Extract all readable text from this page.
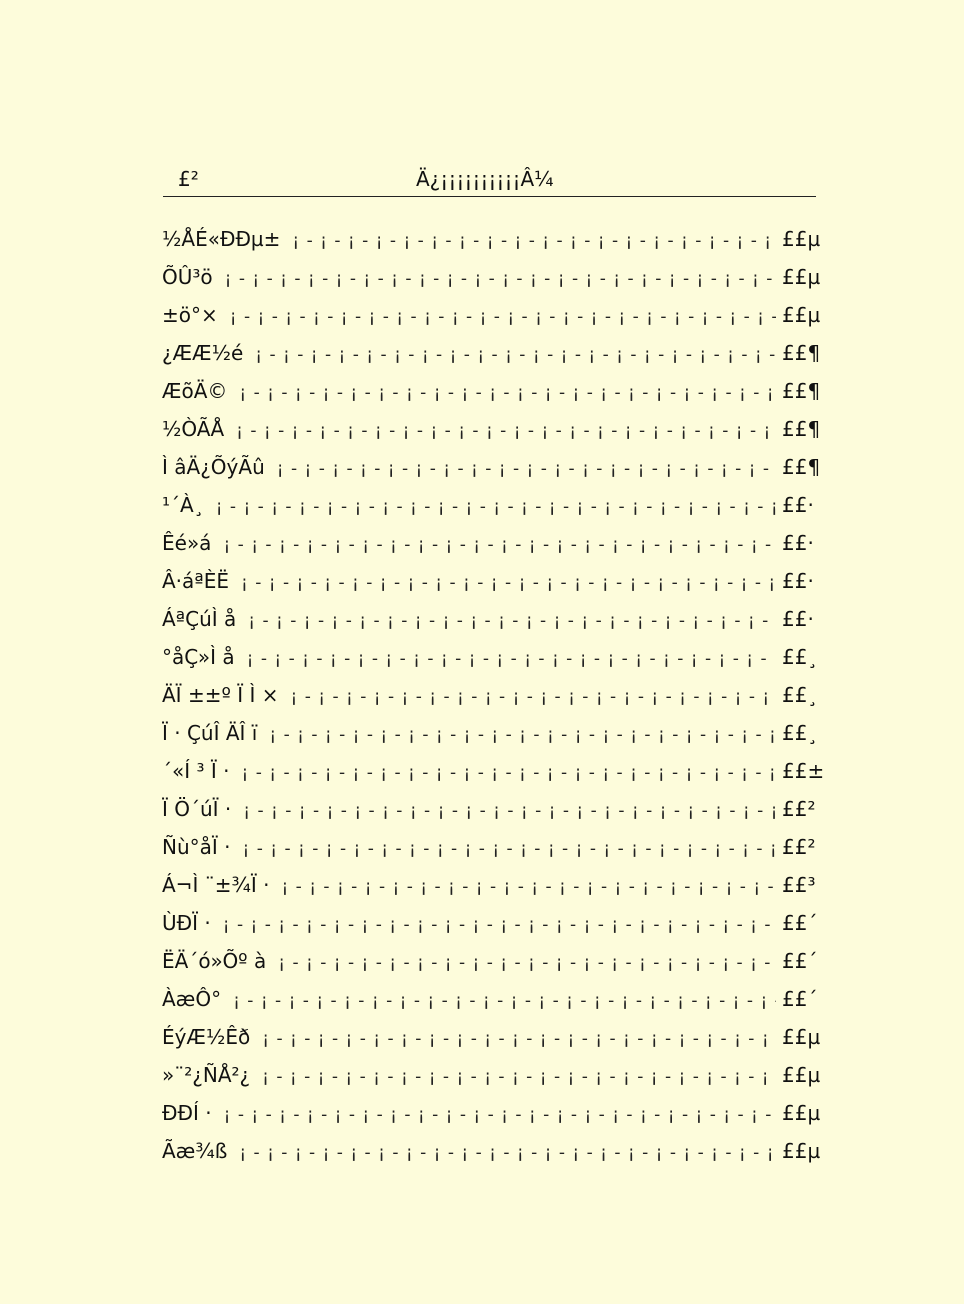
£²	Ä¿¡¡¡¡¡¡¡¡¡¡Â¼
½ÅÉ«ÐÐµ± ¡ - ¡ - ¡ - ¡ - ¡ - ¡ - ¡ - ¡ - ¡ - ¡ - ¡ - ¡ - ¡ - ¡ - ¡ - ¡ - ¡ - ¡ - ¡ - ¡ - ¡ - ¡ - ¡ - ¡ - ¡ - ¡ - ¡ - ¡ - ¡ - ¡ - ¡ - ¡ - ¡ - ¡ - ¡ -	££µ
ÕÛ³ö ¡ - ¡ - ¡ - ¡ - ¡ - ¡ - ¡ - ¡ - ¡ - ¡ - ¡ - ¡ - ¡ - ¡ - ¡ - ¡ - ¡ - ¡ - ¡ - ¡ - ¡ - ¡ - ¡ - ¡ - ¡ - ¡ - ¡ - ¡ - ¡ - ¡ - ¡ - ¡ - ¡ - ¡ - ¡ -	££µ
±ö°× ¡ - ¡ - ¡ - ¡ - ¡ - ¡ - ¡ - ¡ - ¡ - ¡ - ¡ - ¡ - ¡ - ¡ - ¡ - ¡ - ¡ - ¡ - ¡ - ¡ - ¡ - ¡ - ¡ - ¡ - ¡ - ¡ - ¡ - ¡ - ¡ - ¡ - ¡ - ¡ - ¡ - ¡ - ¡ -	££µ
¿ÆÆ½é ¡ - ¡ - ¡ - ¡ - ¡ - ¡ - ¡ - ¡ - ¡ - ¡ - ¡ - ¡ - ¡ - ¡ - ¡ - ¡ - ¡ - ¡ - ¡ - ¡ - ¡ - ¡ - ¡ - ¡ - ¡ - ¡ - ¡ - ¡ - ¡ - ¡ - ¡ - ¡ - ¡ - ¡ - ¡ -	££¶
ÆõÄ© ¡ - ¡ - ¡ - ¡ - ¡ - ¡ - ¡ - ¡ - ¡ - ¡ - ¡ - ¡ - ¡ - ¡ - ¡ - ¡ - ¡ - ¡ - ¡ - ¡ - ¡ - ¡ - ¡ - ¡ - ¡ - ¡ - ¡ - ¡ - ¡ - ¡ - ¡ - ¡ - ¡ - ¡ - ¡ -	££¶
½ÒÃÅ ¡ - ¡ - ¡ - ¡ - ¡ - ¡ - ¡ - ¡ - ¡ - ¡ - ¡ - ¡ - ¡ - ¡ - ¡ - ¡ - ¡ - ¡ - ¡ - ¡ - ¡ - ¡ - ¡ - ¡ - ¡ - ¡ - ¡ - ¡ - ¡ - ¡ - ¡ - ¡ - ¡ - ¡ - ¡ -	££¶
Ì âÄ¿ÕýÃû ¡ - ¡ - ¡ - ¡ - ¡ - ¡ - ¡ - ¡ - ¡ - ¡ - ¡ - ¡ - ¡ - ¡ - ¡ - ¡ - ¡ - ¡ - ¡ - ¡ - ¡ - ¡ - ¡ - ¡ - ¡ - ¡ - ¡ - ¡ - ¡ - ¡ - ¡ - ¡ - ¡ - ¡ - ¡ -	££¶
¹´À¸ ¡ - ¡ - ¡ - ¡ - ¡ - ¡ - ¡ - ¡ - ¡ - ¡ - ¡ - ¡ - ¡ - ¡ - ¡ - ¡ - ¡ - ¡ - ¡ - ¡ - ¡ - ¡ - ¡ - ¡ - ¡ - ¡ - ¡ - ¡ - ¡ - ¡ - ¡ - ¡ - ¡ - ¡ - ¡ -	££·
Êé»á ¡ - ¡ - ¡ - ¡ - ¡ - ¡ - ¡ - ¡ - ¡ - ¡ - ¡ - ¡ - ¡ - ¡ - ¡ - ¡ - ¡ - ¡ - ¡ - ¡ - ¡ - ¡ - ¡ - ¡ - ¡ - ¡ - ¡ - ¡ - ¡ - ¡ - ¡ - ¡ - ¡ - ¡ - ¡ -	££·
Â·áªÈË ¡ - ¡ - ¡ - ¡ - ¡ - ¡ - ¡ - ¡ - ¡ - ¡ - ¡ - ¡ - ¡ - ¡ - ¡ - ¡ - ¡ - ¡ - ¡ - ¡ - ¡ - ¡ - ¡ - ¡ - ¡ - ¡ - ¡ - ¡ - ¡ - ¡ - ¡ - ¡ - ¡ - ¡ - ¡ -	££·
ÁªÇúÌ å ¡ - ¡ - ¡ - ¡ - ¡ - ¡ - ¡ - ¡ - ¡ - ¡ - ¡ - ¡ - ¡ - ¡ - ¡ - ¡ - ¡ - ¡ - ¡ - ¡ - ¡ - ¡ - ¡ - ¡ - ¡ - ¡ - ¡ - ¡ - ¡ - ¡ - ¡ - ¡ - ¡ - ¡ - ¡ -	££·
°åÇ»Ì å ¡ - ¡ - ¡ - ¡ - ¡ - ¡ - ¡ - ¡ - ¡ - ¡ - ¡ - ¡ - ¡ - ¡ - ¡ - ¡ - ¡ - ¡ - ¡ - ¡ - ¡ - ¡ - ¡ - ¡ - ¡ - ¡ - ¡ - ¡ - ¡ - ¡ - ¡ - ¡ - ¡ - ¡ - ¡ -	££¸
ÄÏ ±±º Ï Ì × ¡ - ¡ - ¡ - ¡ - ¡ - ¡ - ¡ - ¡ - ¡ - ¡ - ¡ - ¡ - ¡ - ¡ - ¡ - ¡ - ¡ - ¡ - ¡ - ¡ - ¡ - ¡ - ¡ - ¡ - ¡ - ¡ - ¡ - ¡ - ¡ - ¡ - ¡ - ¡ - ¡ - ¡ - ¡ -	££¸
Ï · ÇúÎ ÄÎ ï ¡ - ¡ - ¡ - ¡ - ¡ - ¡ - ¡ - ¡ - ¡ - ¡ - ¡ - ¡ - ¡ - ¡ - ¡ - ¡ - ¡ - ¡ - ¡ - ¡ - ¡ - ¡ - ¡ - ¡ - ¡ - ¡ - ¡ - ¡ - ¡ - ¡ - ¡ - ¡ - ¡ - ¡ - ¡ -	££¸
´«Í ³ Ï · ¡ - ¡ - ¡ - ¡ - ¡ - ¡ - ¡ - ¡ - ¡ - ¡ - ¡ - ¡ - ¡ - ¡ - ¡ - ¡ - ¡ - ¡ - ¡ - ¡ - ¡ - ¡ - ¡ - ¡ - ¡ - ¡ - ¡ - ¡ - ¡ - ¡ - ¡ - ¡ - ¡ - ¡ - ¡ -	££±
Ï Ö´úÏ · ¡ - ¡ - ¡ - ¡ - ¡ - ¡ - ¡ - ¡ - ¡ - ¡ - ¡ - ¡ - ¡ - ¡ - ¡ - ¡ - ¡ - ¡ - ¡ - ¡ - ¡ - ¡ - ¡ - ¡ - ¡ - ¡ - ¡ - ¡ - ¡ - ¡ - ¡ - ¡ - ¡ - ¡ - ¡ -	££²
Ñù°åÏ · ¡ - ¡ - ¡ - ¡ - ¡ - ¡ - ¡ - ¡ - ¡ - ¡ - ¡ - ¡ - ¡ - ¡ - ¡ - ¡ - ¡ - ¡ - ¡ - ¡ - ¡ - ¡ - ¡ - ¡ - ¡ - ¡ - ¡ - ¡ - ¡ - ¡ - ¡ - ¡ - ¡ - ¡ - ¡ -	££²
Á¬Ì ¨±¾Ï · ¡ - ¡ - ¡ - ¡ - ¡ - ¡ - ¡ - ¡ - ¡ - ¡ - ¡ - ¡ - ¡ - ¡ - ¡ - ¡ - ¡ - ¡ - ¡ - ¡ - ¡ - ¡ - ¡ - ¡ - ¡ - ¡ - ¡ - ¡ - ¡ - ¡ - ¡ - ¡ - ¡ - ¡ - ¡ -	££³
ÙÐÏ · ¡ - ¡ - ¡ - ¡ - ¡ - ¡ - ¡ - ¡ - ¡ - ¡ - ¡ - ¡ - ¡ - ¡ - ¡ - ¡ - ¡ - ¡ - ¡ - ¡ - ¡ - ¡ - ¡ - ¡ - ¡ - ¡ - ¡ - ¡ - ¡ - ¡ - ¡ - ¡ - ¡ - ¡ - ¡ -	££´
ËÄ´ó»Õº à ¡ - ¡ - ¡ - ¡ - ¡ - ¡ - ¡ - ¡ - ¡ - ¡ - ¡ - ¡ - ¡ - ¡ - ¡ - ¡ - ¡ - ¡ - ¡ - ¡ - ¡ - ¡ - ¡ - ¡ - ¡ - ¡ - ¡ - ¡ - ¡ - ¡ - ¡ - ¡ - ¡ - ¡ - ¡ -	££´
ÀæÔ° ¡ - ¡ - ¡ - ¡ - ¡ - ¡ - ¡ - ¡ - ¡ - ¡ - ¡ - ¡ - ¡ - ¡ - ¡ - ¡ - ¡ - ¡ - ¡ - ¡ - ¡ - ¡ - ¡ - ¡ - ¡ - ¡ - ¡ - ¡ - ¡ - ¡ - ¡ - ¡ - ¡ - ¡ - ¡ -	££´
ÉýÆ½Êð ¡ - ¡ - ¡ - ¡ - ¡ - ¡ - ¡ - ¡ - ¡ - ¡ - ¡ - ¡ - ¡ - ¡ - ¡ - ¡ - ¡ - ¡ - ¡ - ¡ - ¡ - ¡ - ¡ - ¡ - ¡ - ¡ - ¡ - ¡ - ¡ - ¡ - ¡ - ¡ - ¡ - ¡ - ¡ -	££µ
»¨²¿ÑÅ²¿ ¡ - ¡ - ¡ - ¡ - ¡ - ¡ - ¡ - ¡ - ¡ - ¡ - ¡ - ¡ - ¡ - ¡ - ¡ - ¡ - ¡ - ¡ - ¡ - ¡ - ¡ - ¡ - ¡ - ¡ - ¡ - ¡ - ¡ - ¡ - ¡ - ¡ - ¡ - ¡ - ¡ - ¡ - ¡ -	££µ
ÐÐÍ · ¡ - ¡ - ¡ - ¡ - ¡ - ¡ - ¡ - ¡ - ¡ - ¡ - ¡ - ¡ - ¡ - ¡ - ¡ - ¡ - ¡ - ¡ - ¡ - ¡ - ¡ - ¡ - ¡ - ¡ - ¡ - ¡ - ¡ - ¡ - ¡ - ¡ - ¡ - ¡ - ¡ - ¡ - ¡ -	££µ
Ãæ¾ß ¡ - ¡ - ¡ - ¡ - ¡ - ¡ - ¡ - ¡ - ¡ - ¡ - ¡ - ¡ - ¡ - ¡ - ¡ - ¡ - ¡ - ¡ - ¡ - ¡ - ¡ - ¡ - ¡ - ¡ - ¡ - ¡ - ¡ - ¡ - ¡ - ¡ - ¡ - ¡ - ¡ - ¡ - ¡ -	££µ
